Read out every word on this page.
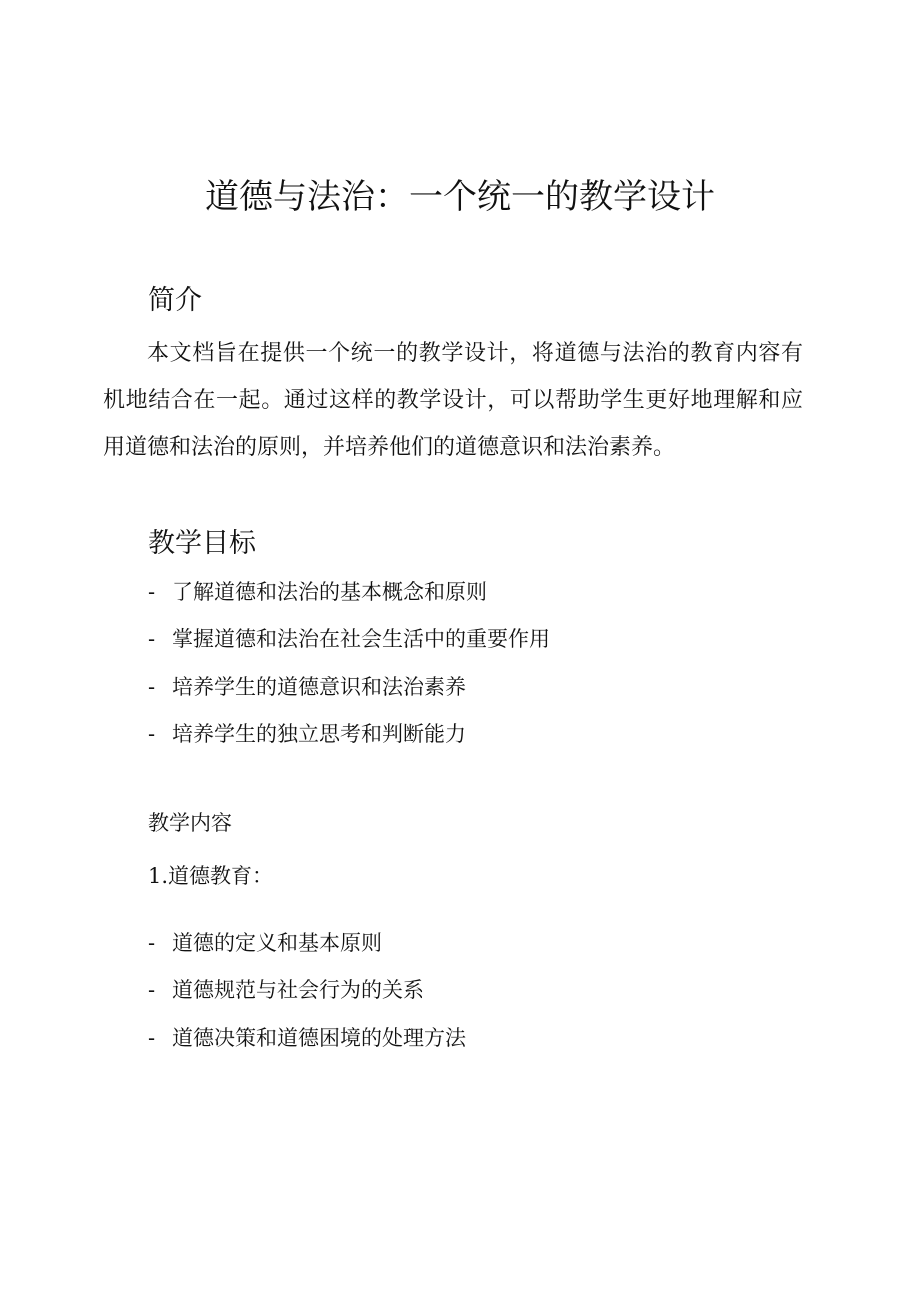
道德与法治：一个统一的教学设计
简介
本文档旨在提供一个统一的教学设计，将道德与法治的教育内容有机地结合在一起。通过这样的教学设计，可以帮助学生更好地理解和应用道德和法治的原则，并培养他们的道德意识和法治素养。
教学目标
- 了解道德和法治的基本概念和原则
- 掌握道德和法治在社会生活中的重要作用
- 培养学生的道德意识和法治素养
- 培养学生的独立思考和判断能力
教学内容
1.道德教育：
- 道德的定义和基本原则
- 道德规范与社会行为的关系
- 道德决策和道德困境的处理方法
